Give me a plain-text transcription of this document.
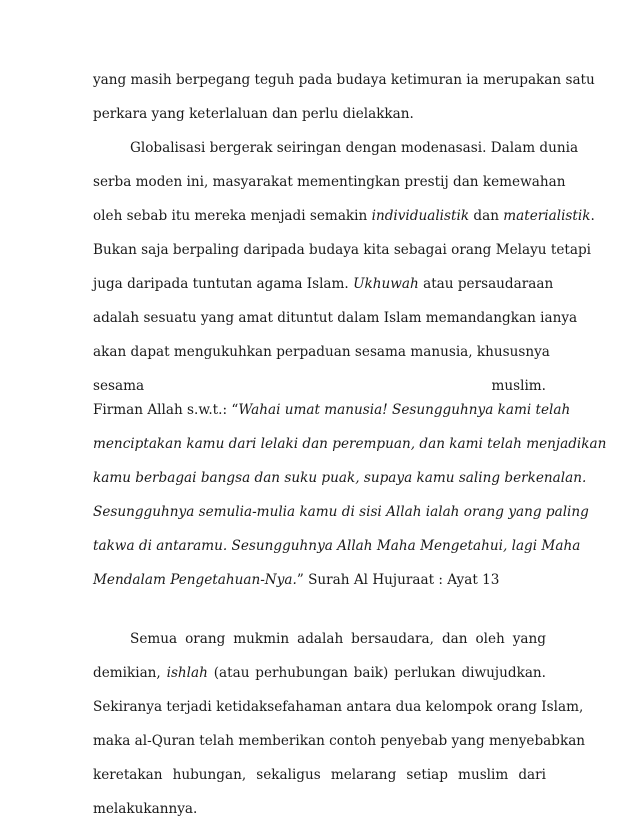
yang masih berpegang teguh pada budaya ketimuran ia merupakan satu
perkara yang keterlaluan dan perlu dielakkan.
Globalisasi bergerak seiringan dengan modenasasi. Dalam dunia
serba moden ini, masyarakat mementingkan prestij dan kemewahan
oleh sebab itu mereka menjadi semakin individualistik dan materialistik.
Bukan saja berpaling daripada budaya kita sebagai orang Melayu tetapi
juga daripada tuntutan agama Islam. Ukhuwah atau persaudaraan
adalah sesuatu yang amat dituntut dalam Islam memandangkan ianya
akan dapat mengukuhkan perpaduan sesama manusia, khususnya
sesama	muslim.
Firman Allah s.w.t.: “Wahai umat manusia! Sesungguhnya kami telah
menciptakan kamu dari lelaki dan perempuan, dan kami telah menjadikan
kamu berbagai bangsa dan suku puak, supaya kamu saling berkenalan.
Sesungguhnya semulia-mulia kamu di sisi Allah ialah orang yang paling
takwa di antaramu. Sesungguhnya Allah Maha Mengetahui, lagi Maha
Mendalam Pengetahuan-Nya.” Surah Al Hujuraat : Ayat 13
Semua orang mukmin adalah bersaudara, dan oleh yang
demikian, ishlah (atau perhubungan baik) perlukan diwujudkan.
Sekiranya terjadi ketidaksefahaman antara dua kelompok orang Islam,
maka al-Quran telah memberikan contoh penyebab yang menyebabkan
keretakan hubungan, sekaligus melarang setiap muslim dari
melakukannya.
